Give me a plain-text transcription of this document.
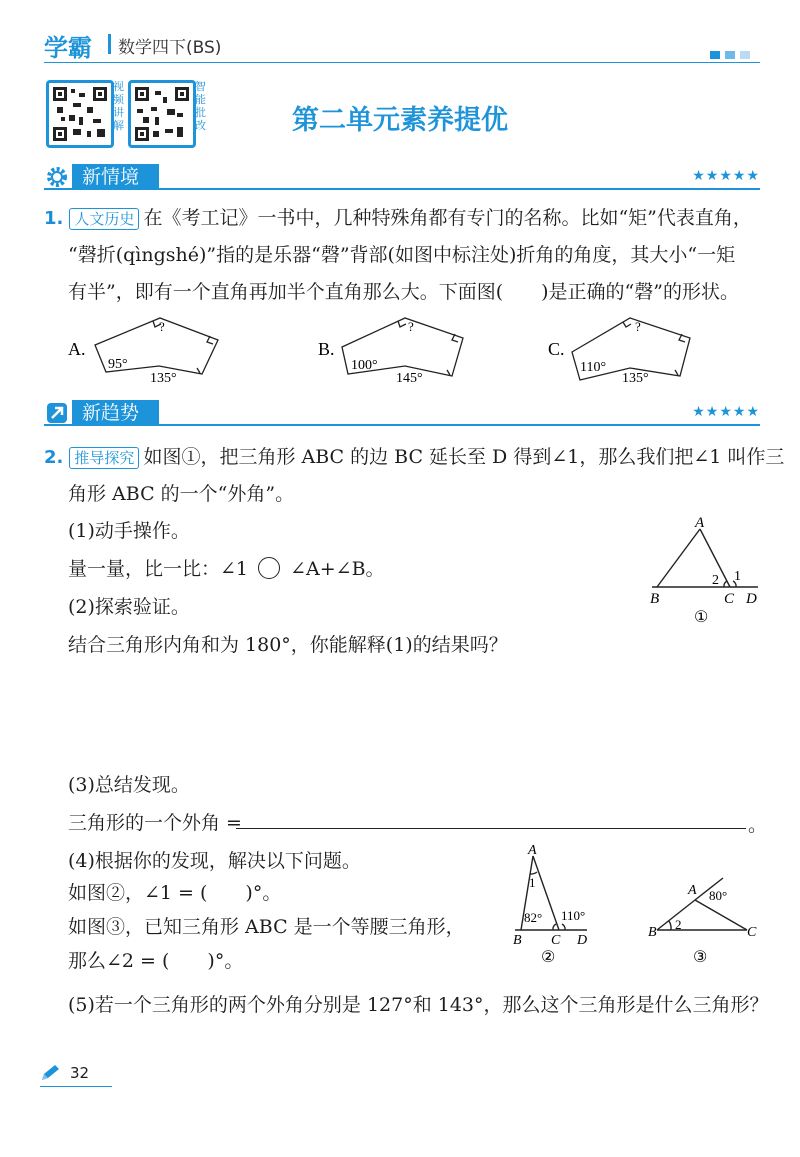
学霸 数学四下(BS)

视频讲解
智能批改	第二单元素养提优
新情境	★★★★★
1. 人文历史 在《考工记》一书中，几种特殊角都有专门的名称。比如“矩”代表直角，
“磬折(qìngshé)”指的是乐器“磬”背部(如图中标注处)折角的角度，其大小“一矩
有半”，即有一个直角再加半个直角那么大。下面图(　　)是正确的“磬”的形状。
A.
?
95°
135°
B.
?
100°
145°
C.
?
110°
135°
新趋势	★★★★★
2. 推导探究 如图①，把三角形 ABC 的边 BC 延长至 D 得到∠1，那么我们把∠1 叫作三
角形 ABC 的一个“外角”。
(1)动手操作。
量一量，比一比：∠1 ∠A+∠B。
(2)探索验证。
结合三角形内角和为 180°，你能解释(1)的结果吗？
A
B	C D
2 1
①
(3)总结发现。
三角形的一个外角 =	。
(4)根据你的发现，解决以下问题。
如图②，∠1 = (　　)°。
如图③，已知三角形 ABC 是一个等腰三角形，
那么∠2 = (　　)°。
A
1
82° 110°
B C D
②
A 80°
B
2
C
③
(5)若一个三角形的两个外角分别是 127°和 143°，那么这个三角形是什么三角形？
32
